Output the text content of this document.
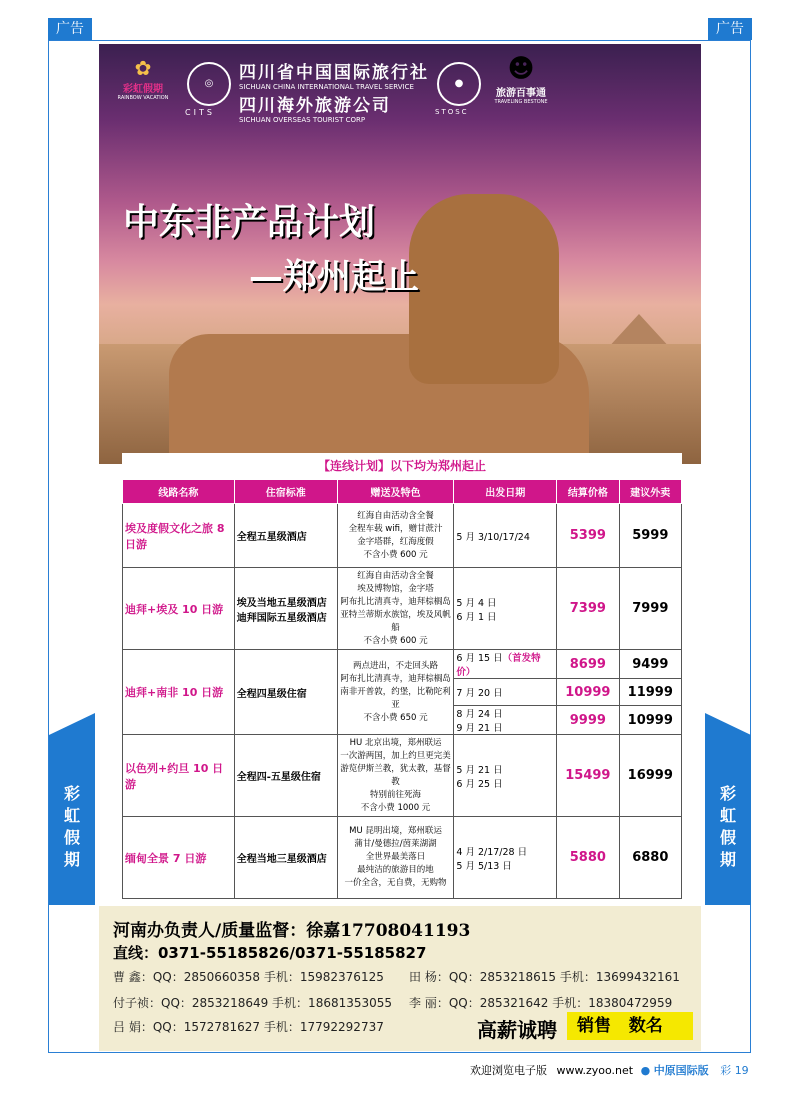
广告	广告
彩
虹
假
期
彩
虹
假
期
✿
彩虹假期
RAINBOW VACATION
◎
CITS
四川省中国国际旅行社
SICHUAN CHINA INTERNATIONAL TRAVEL SERVICE
四川海外旅游公司
SICHUAN OVERSEAS TOURIST CORP
●
STOSC
☻
旅游百事通
TRAVELING BESTONE
中东非产品计划
—郑州起止
【连线计划】以下均为郑州起止
线路名称	住宿标准	赠送及特色	出发日期	结算价格	建议外卖
埃及度假文化之旅 8 日游	全程五星级酒店	红海自由活动含全餐
全程车载 wifi，赠甘蔗汁
金字塔群，红海度假
不含小费 600 元	5 月 3/10/17/24	5399	5999
迪拜+埃及 10 日游	埃及当地五星级酒店
迪拜国际五星级酒店	红海自由活动含全餐
埃及博物馆，金字塔
阿布扎比清真寺，迪拜棕榈岛
亚特兰蒂斯水族馆，埃及风帆船
不含小费 600 元	5 月 4 日
6 月 1 日	7399	7999
迪拜+南非 10 日游	全程四星级住宿	两点进出，不走回头路
阿布扎比清真寺，迪拜棕榈岛
南非开普敦，约堡，比勒陀利亚
不含小费 650 元	6 月 15 日（首发特价）	8699	9499
			7 月 20 日	10999	11999
			8 月 24 日
9 月 21 日	9999	10999
以色列+约旦 10 日游	全程四-五星级住宿	HU 北京出境，郑州联运
一次游两国，加上约旦更完美
游览伊斯兰教，犹太教，基督教
特别前往死海
不含小费 1000 元	5 月 21 日
6 月 25 日	15499	16999
缅甸全景 7 日游	全程当地三星级酒店	MU 昆明出境，郑州联运
蒲甘/曼德拉/茵莱湖湖
全世界最美落日
最纯洁的旅游目的地
一价全含，无自费，无购物	4 月 2/17/28 日
5 月 5/13 日	5880	6880
河南办负责人/质量监督：徐嘉17708041193
直线：0371-55185826/0371-55185827
曹 鑫：QQ：2850660358 手机：15982376125 田 杨：QQ：2853218615 手机：13699432161
付子祯：QQ：2853218649 手机：18681353055 李 丽：QQ：285321642 手机：18380472959
吕 娟：QQ：1572781627 手机：17792292737	高薪诚聘	销售   数名
欢迎浏览电子版 www.zyoo.net ● 中原国际版 彩 19
